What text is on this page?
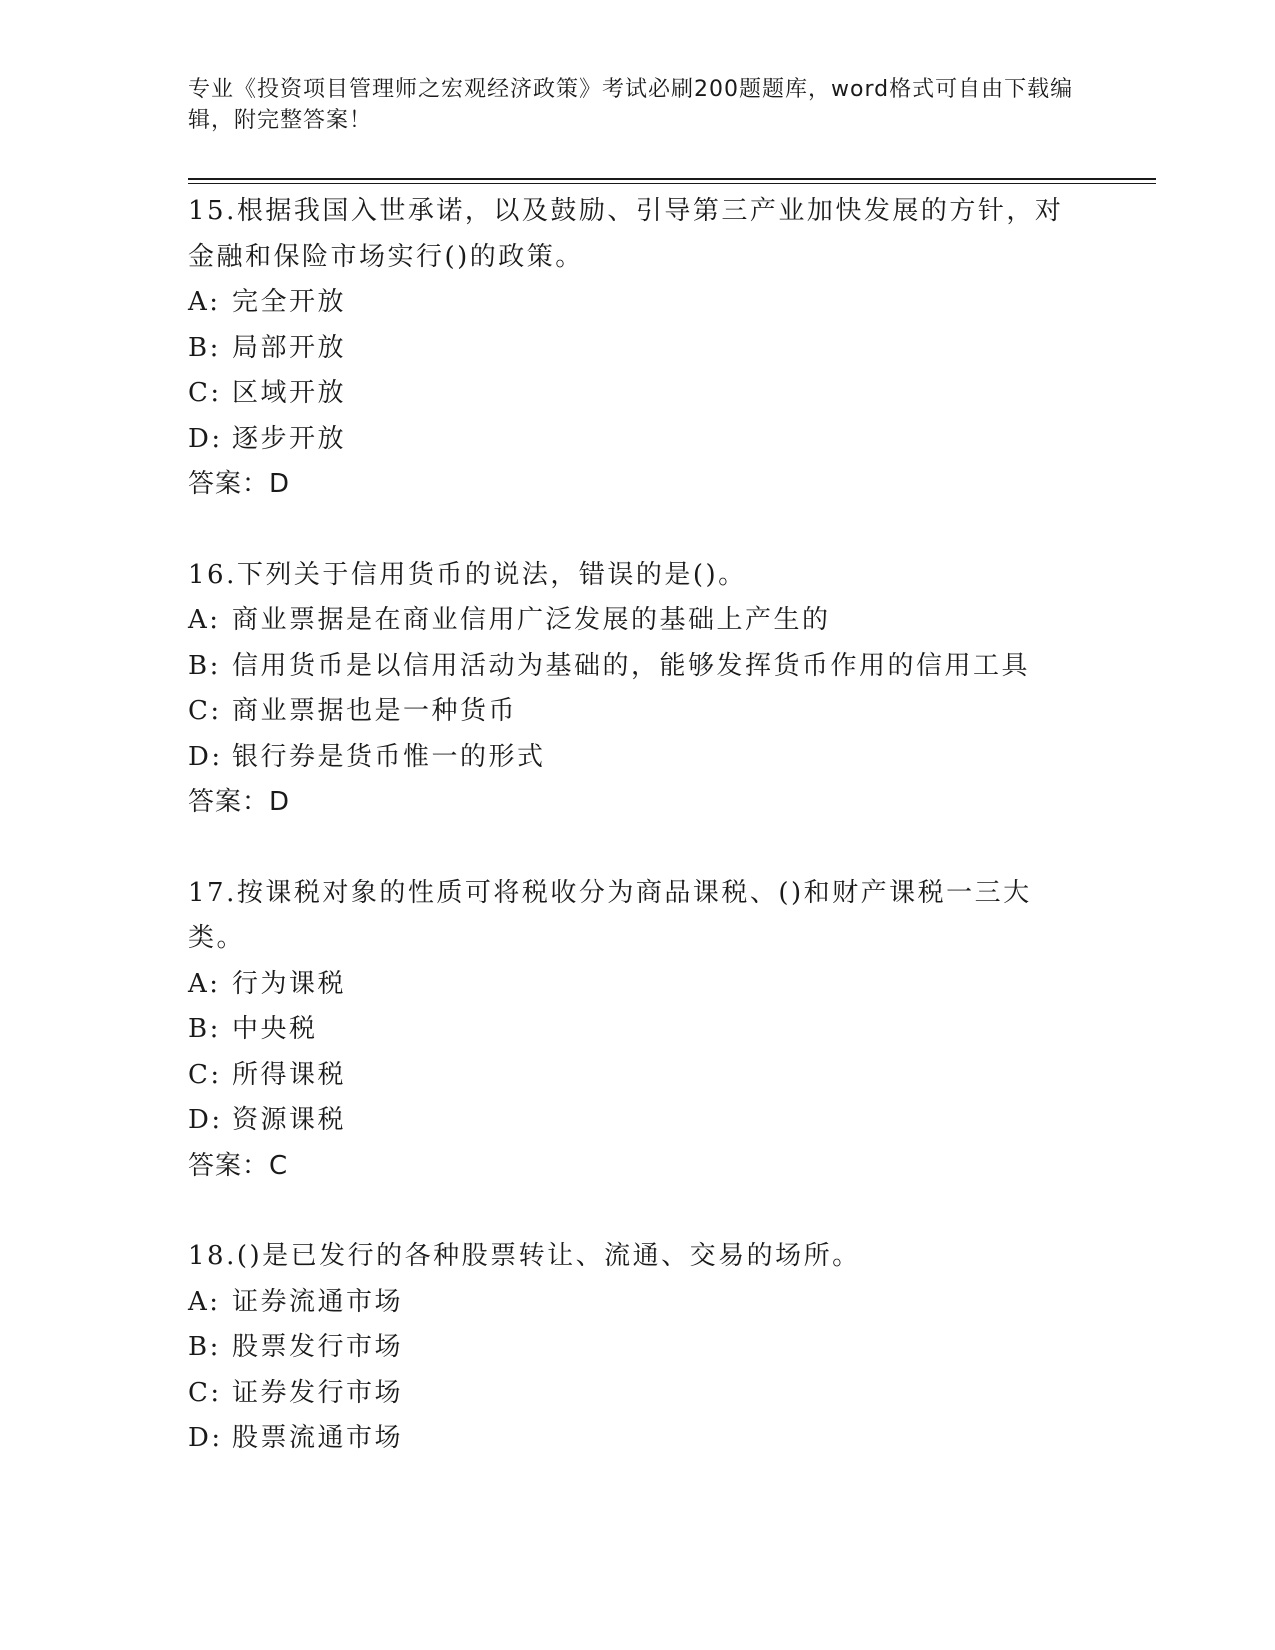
专业《投资项目管理师之宏观经济政策》考试必刷200题题库，word格式可自由下载编辑，附完整答案！

15.根据我国入世承诺，以及鼓励、引导第三产业加快发展的方针，对金融和保险市场实行()的政策。

A: 完全开放

B: 局部开放

C: 区域开放

D: 逐步开放

答案：D

16.下列关于信用货币的说法，错误的是()。

A: 商业票据是在商业信用广泛发展的基础上产生的

B: 信用货币是以信用活动为基础的，能够发挥货币作用的信用工具

C: 商业票据也是一种货币

D: 银行券是货币惟一的形式

答案：D

17.按课税对象的性质可将税收分为商品课税、()和财产课税一三大类。

A: 行为课税

B: 中央税

C: 所得课税

D: 资源课税

答案：C

18.()是已发行的各种股票转让、流通、交易的场所。

A: 证券流通市场

B: 股票发行市场

C: 证券发行市场

D: 股票流通市场
